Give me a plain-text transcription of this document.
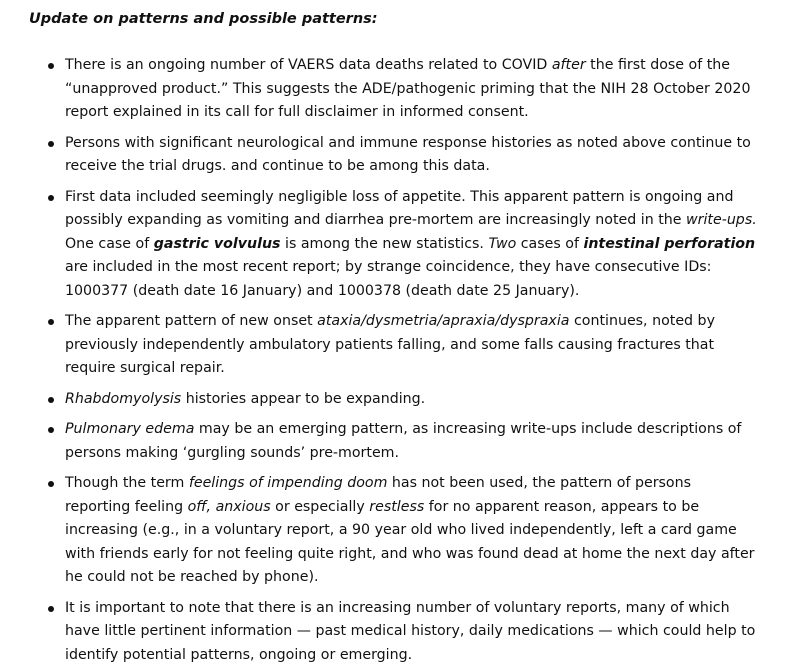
Update on patterns and possible patterns:
There is an ongoing number of VAERS data deaths related to COVID after the first dose of the “unapproved product.” This suggests the ADE/pathogenic priming that the NIH 28 October 2020 report explained in its call for full disclaimer in informed consent.
Persons with significant neurological and immune response histories as noted above continue to receive the trial drugs. and continue to be among this data.
First data included seemingly negligible loss of appetite. This apparent pattern is ongoing and possibly expanding as vomiting and diarrhea pre-mortem are increasingly noted in the write-ups. One case of gastric volvulus is among the new statistics. Two cases of intestinal perforation are included in the most recent report; by strange coincidence, they have consecutive IDs: 1000377 (death date 16 January) and 1000378 (death date 25 January).
The apparent pattern of new onset ataxia/dysmetria/apraxia/dyspraxia continues, noted by previously independently ambulatory patients falling, and some falls causing fractures that require surgical repair.
Rhabdomyolysis histories appear to be expanding.
Pulmonary edema may be an emerging pattern, as increasing write-ups include descriptions of persons making ‘gurgling sounds’ pre-mortem.
Though the term feelings of impending doom has not been used, the pattern of persons reporting feeling off, anxious or especially restless for no apparent reason, appears to be increasing (e.g., in a voluntary report, a 90 year old who lived independently, left a card game with friends early for not feeling quite right, and who was found dead at home the next day after he could not be reached by phone).
It is important to note that there is an increasing number of voluntary reports, many of which have little pertinent information — past medical history, daily medications — which could help to identify potential patterns, ongoing or emerging.
